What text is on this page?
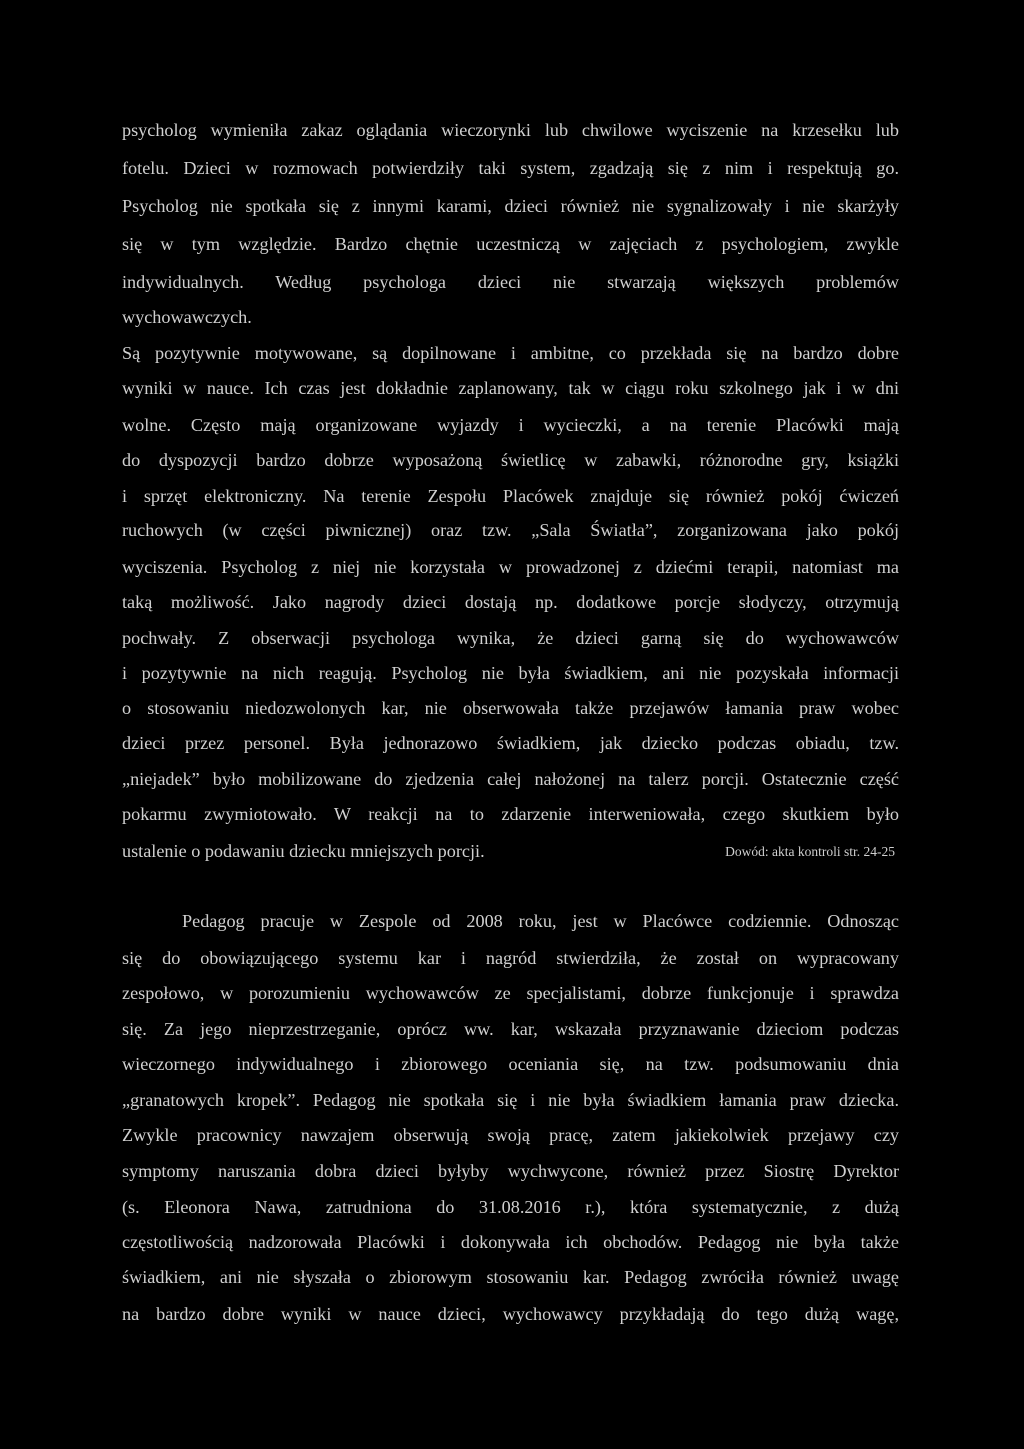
psycholog wymieniła zakaz oglądania wieczorynki lub chwilowe wyciszenie na krzesełku lub
fotelu. Dzieci w rozmowach potwierdziły taki system, zgadzają się z nim i respektują go.
Psycholog nie spotkała się z innymi karami, dzieci również nie sygnalizowały i nie skarżyły
się w tym względzie. Bardzo chętnie uczestniczą w zajęciach z psychologiem, zwykle
indywidualnych. Według psychologa dzieci nie stwarzają większych problemów
wychowawczych.
Są pozytywnie motywowane, są dopilnowane i ambitne, co przekłada się na bardzo dobre
wyniki w nauce. Ich czas jest dokładnie zaplanowany, tak w ciągu roku szkolnego jak i w dni
wolne. Często mają organizowane wyjazdy i wycieczki, a na terenie Placówki mają
do dyspozycji bardzo dobrze wyposażoną świetlicę w zabawki, różnorodne gry, książki
i sprzęt elektroniczny. Na terenie Zespołu Placówek znajduje się również pokój ćwiczeń
ruchowych (w części piwnicznej) oraz tzw. „Sala Światła”, zorganizowana jako pokój
wyciszenia. Psycholog z niej nie korzystała w prowadzonej z dziećmi terapii, natomiast ma
taką możliwość. Jako nagrody dzieci dostają np. dodatkowe porcje słodyczy, otrzymują
pochwały. Z obserwacji psychologa wynika, że dzieci garną się do wychowawców
i pozytywnie na nich reagują. Psycholog nie była świadkiem, ani nie pozyskała informacji
o stosowaniu niedozwolonych kar, nie obserwowała także przejawów łamania praw wobec
dzieci przez personel. Była jednorazowo świadkiem, jak dziecko podczas obiadu, tzw.
„niejadek” było mobilizowane do zjedzenia całej nałożonej na talerz porcji. Ostatecznie część
pokarmu zwymiotowało. W reakcji na to zdarzenie interweniowała, czego skutkiem było
ustalenie o podawaniu dziecku mniejszych porcji.	Dowód: akta kontroli str. 24-25
Pedagog pracuje w Zespole od 2008 roku, jest w Placówce codziennie. Odnosząc
się do obowiązującego systemu kar i nagród stwierdziła, że został on wypracowany
zespołowo, w porozumieniu wychowawców ze specjalistami, dobrze funkcjonuje i sprawdza
się. Za jego nieprzestrzeganie, oprócz ww. kar, wskazała przyznawanie dzieciom podczas
wieczornego indywidualnego i zbiorowego oceniania się, na tzw. podsumowaniu dnia
„granatowych kropek”. Pedagog nie spotkała się i nie była świadkiem łamania praw dziecka.
Zwykle pracownicy nawzajem obserwują swoją pracę, zatem jakiekolwiek przejawy czy
symptomy naruszania dobra dzieci byłyby wychwycone, również przez Siostrę Dyrektor
(s. Eleonora Nawa, zatrudniona do 31.08.2016 r.), która systematycznie, z dużą
częstotliwością nadzorowała Placówki i dokonywała ich obchodów. Pedagog nie była także
świadkiem, ani nie słyszała o zbiorowym stosowaniu kar. Pedagog zwróciła również uwagę
na bardzo dobre wyniki w nauce dzieci, wychowawcy przykładają do tego dużą wagę,
